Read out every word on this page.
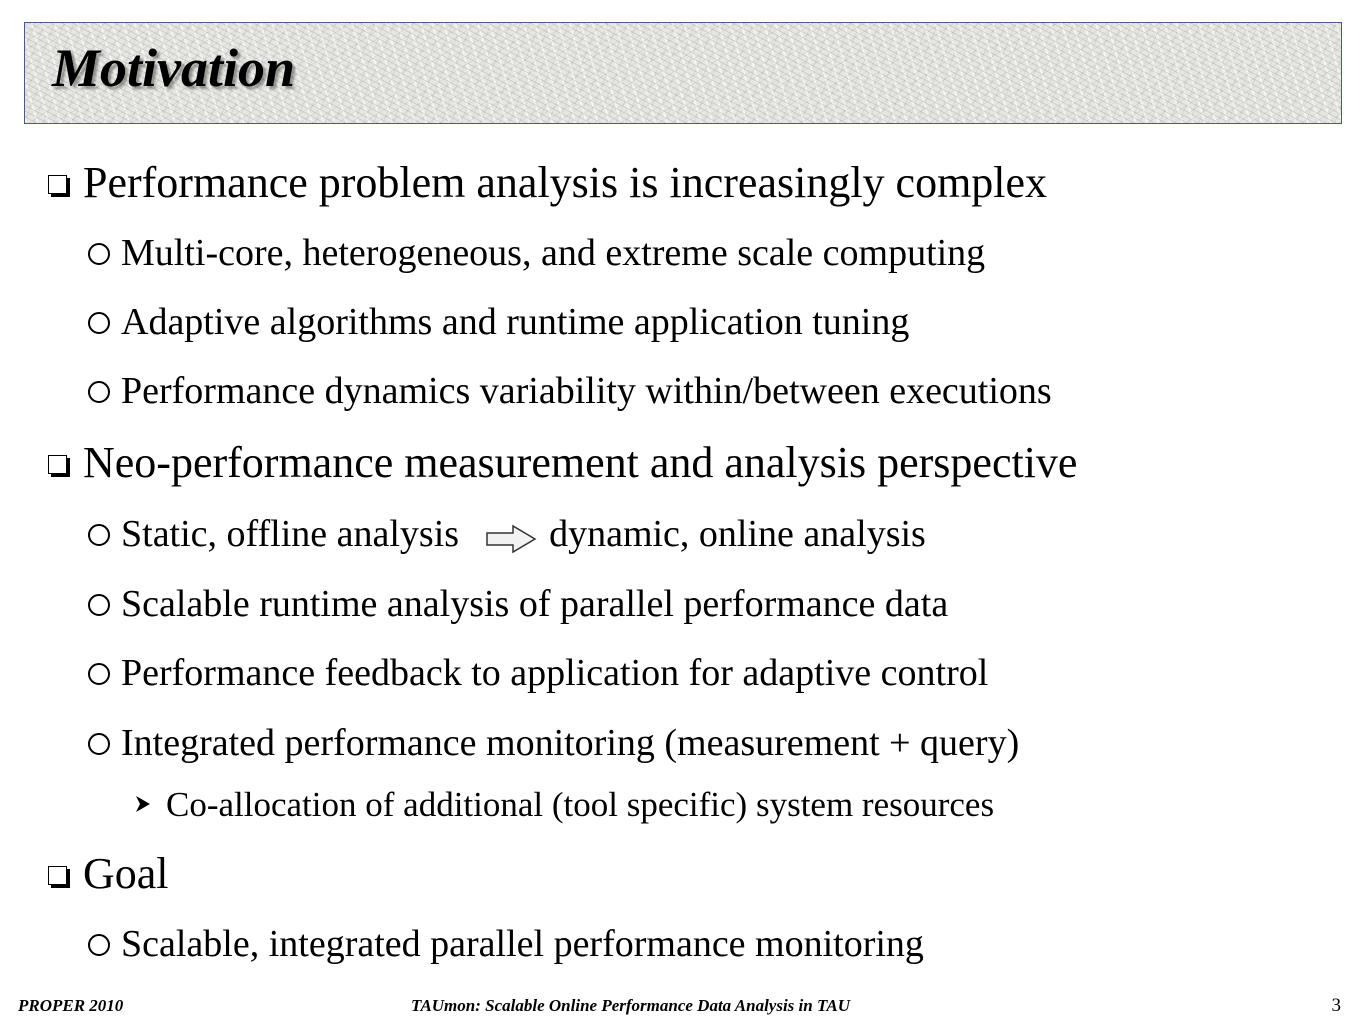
Motivation
Performance problem analysis is increasingly complex
Multi-core, heterogeneous, and extreme scale computing
Adaptive algorithms and runtime application tuning
Performance dynamics variability within/between executions
Neo-performance measurement and analysis perspective
Static, offline analysis dynamic, online analysis
Scalable runtime analysis of parallel performance data
Performance feedback to application for adaptive control
Integrated performance monitoring (measurement + query)
Co-allocation of additional (tool specific) system resources
Goal
Scalable, integrated parallel performance monitoring
PROPER 2010	TAUmon: Scalable Online Performance Data Analysis in TAU	3
